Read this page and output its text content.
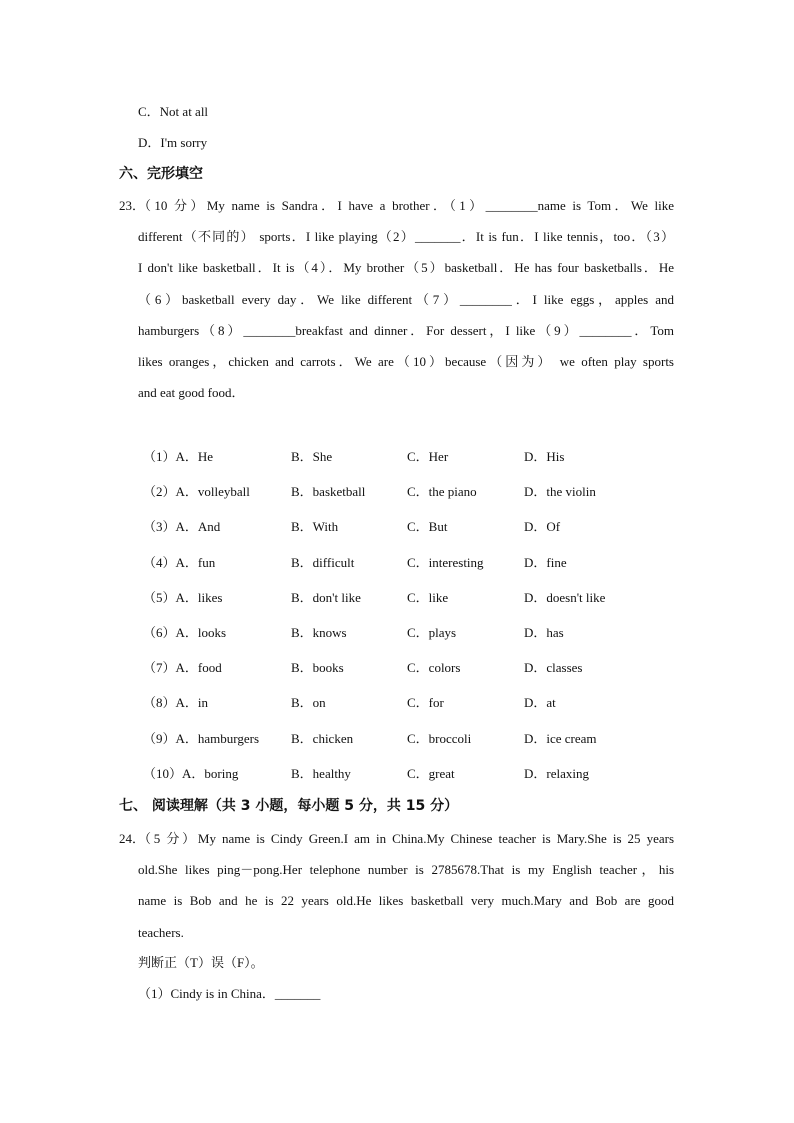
C．Not at all
D．I'm sorry
六、完形填空
23．
（10 分）My name is Sandra．I have a brother．（1）________name is Tom．We like
different（不同的） sports．I like playing（2）_______．It is fun．I like tennis，too．（3）
I don't like basketball．It is（4）．My brother（5）basketball．He has four basketballs．He
（6）basketball every day．We like different（7）________．I like eggs，apples and
hamburgers（8）________breakfast and dinner．For dessert，I like（9）________．Tom
likes oranges，chicken and carrots．We are（10）because（因为） we often play sports
and eat good food．
（1）A．He	B．She	C．Her	D．His
（2）A．volleyball	B．basketball	C．the piano	D．the violin
（3）A．And	B．With	C．But	D．Of
（4）A．fun	B．difficult	C．interesting	D．fine
（5）A．likes	B．don't like	C．like	D．doesn't like
（6）A．looks	B．knows	C．plays	D．has
（7）A．food	B．books	C．colors	D．classes
（8）A．in	B．on	C．for	D．at
（9）A．hamburgers B．chicken	C．broccoli	D．ice cream
（10）A．boring	B．healthy	C．great	D．relaxing
七、 阅读理解（共 3 小题，每小题 5 分，共 15 分）
24．
（5 分）My name is Cindy Green.I am in China.My Chinese teacher is Mary.She is 25 years
old.She likes ping－pong.Her telephone number is 2785678.That is my English teacher，his
name is Bob and he is 22 years old.He likes basketball very much.Mary and Bob are good
teachers.
判断正（T）误（F）。
（1）Cindy is in China．_______
